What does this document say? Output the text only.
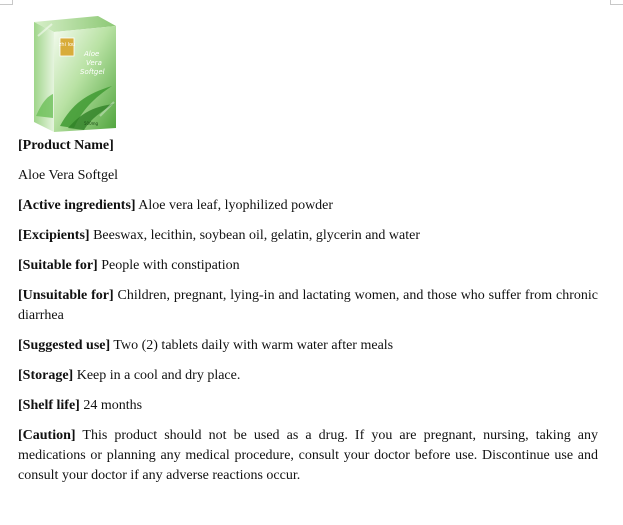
zhi lou
Aloe
Vera
Softgel
500mg

[Product Name]

Aloe Vera Softgel

[Active ingredients] Aloe vera leaf, lyophilized powder

[Excipients] Beeswax, lecithin, soybean oil, gelatin, glycerin and water

[Suitable for] People with constipation

[Unsuitable for] Children, pregnant, lying-in and lactating women, and those who suffer from chronic diarrhea

[Suggested use] Two (2) tablets daily with warm water after meals

[Storage] Keep in a cool and dry place.

[Shelf life] 24 months

[Caution] This product should not be used as a drug. If you are pregnant, nursing, taking any medications or planning any medical procedure, consult your doctor before use. Discontinue use and consult your doctor if any adverse reactions occur.
